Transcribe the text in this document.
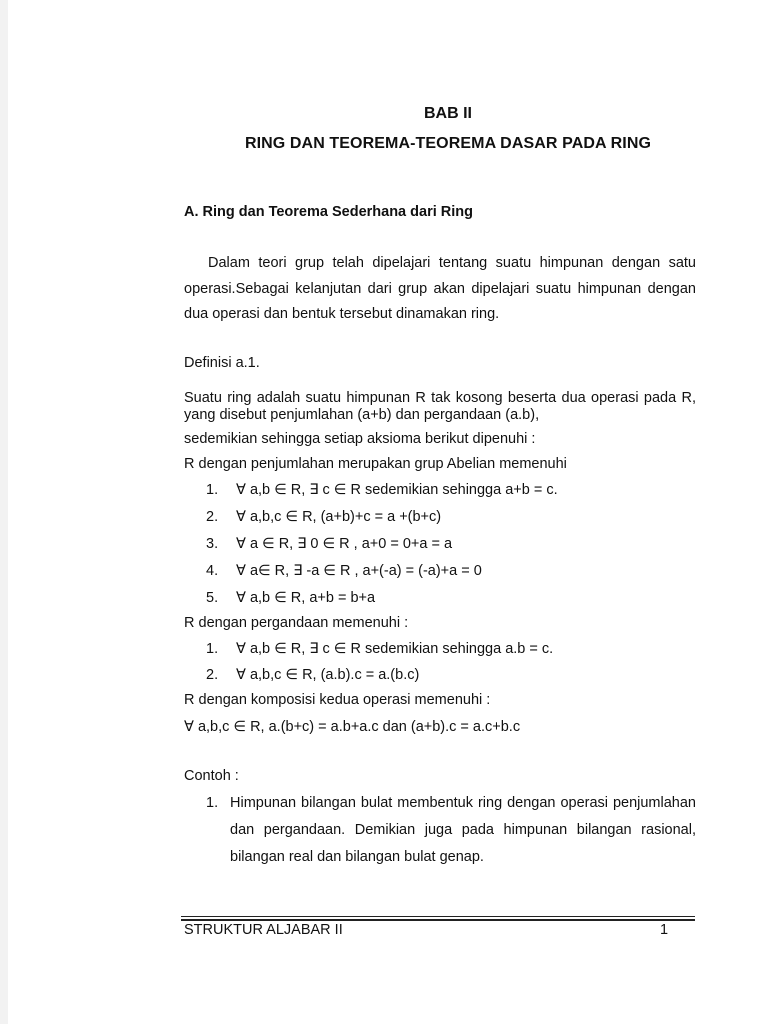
BAB II
RING DAN TEOREMA-TEOREMA DASAR PADA RING
A. Ring dan Teorema Sederhana dari Ring
Dalam teori grup telah dipelajari tentang suatu himpunan dengan satu operasi.Sebagai kelanjutan dari grup akan dipelajari suatu himpunan dengan dua operasi dan bentuk tersebut dinamakan ring.
Definisi a.1.
Suatu ring adalah suatu himpunan R tak kosong beserta dua operasi pada R, yang disebut penjumlahan (a+b) dan pergandaan (a.b),
sedemikian sehingga setiap aksioma berikut dipenuhi :
R dengan penjumlahan merupakan grup Abelian memenuhi
1. ∀ a,b ∈ R, ∃ c ∈ R sedemikian sehingga a+b = c.
2. ∀ a,b,c ∈ R, (a+b)+c = a +(b+c)
3. ∀ a ∈ R, ∃ 0 ∈ R , a+0 = 0+a = a
4. ∀ a∈ R, ∃ -a ∈ R , a+(-a) = (-a)+a = 0
5. ∀ a,b ∈ R, a+b = b+a
R dengan pergandaan memenuhi :
1. ∀ a,b ∈ R, ∃ c ∈ R sedemikian sehingga a.b = c.
2. ∀ a,b,c ∈ R, (a.b).c = a.(b.c)
R dengan komposisi kedua operasi memenuhi :
∀ a,b,c ∈ R, a.(b+c) = a.b+a.c dan (a+b).c = a.c+b.c
Contoh :
1. Himpunan bilangan bulat membentuk ring dengan operasi penjumlahan dan pergandaan. Demikian juga pada himpunan bilangan rasional, bilangan real dan bilangan bulat genap.
STRUKTUR ALJABAR II	1
